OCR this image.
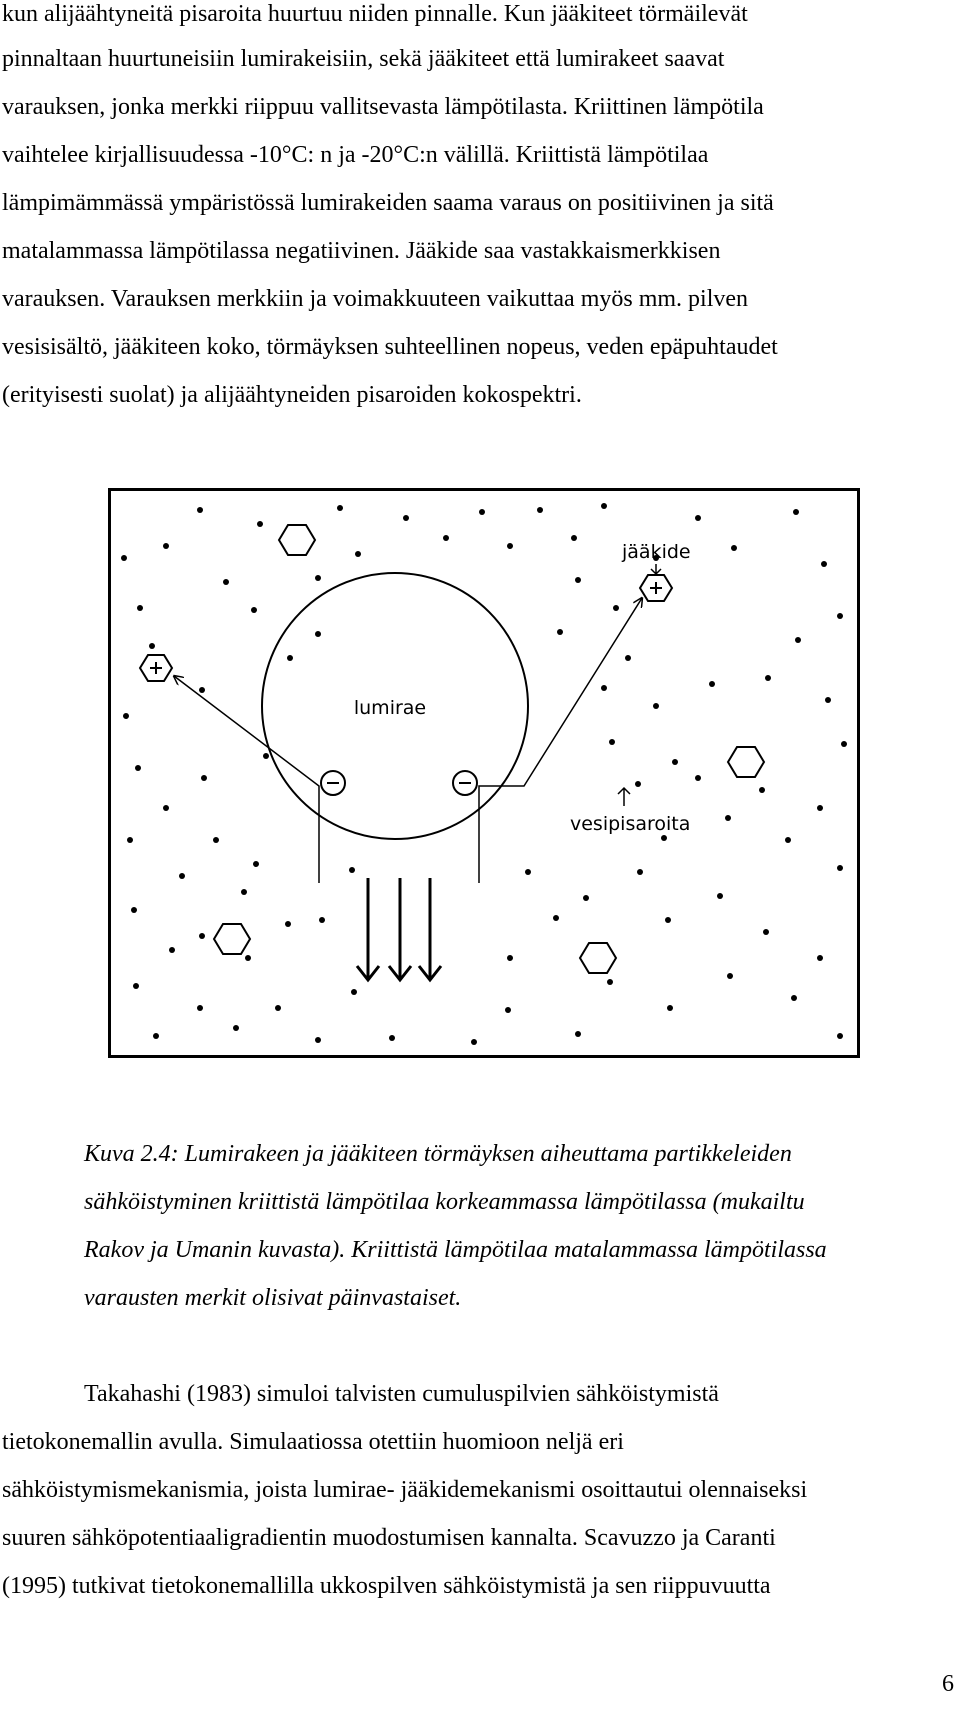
kun alijäähtyneitä pisaroita huurtuu niiden pinnalle. Kun jääkiteet törmäilevät
pinnaltaan huurtuneisiin lumirakeisiin, sekä jääkiteet että lumirakeet saavat
varauksen, jonka merkki riippuu vallitsevasta lämpötilasta. Kriittinen lämpötila
vaihtelee kirjallisuudessa -10°C: n ja -20°C:n välillä. Kriittistä lämpötilaa
lämpimämmässä ympäristössä lumirakeiden saama varaus on positiivinen ja sitä
matalammassa lämpötilassa negatiivinen. Jääkide saa vastakkaismerkkisen
varauksen. Varauksen merkkiin ja voimakkuuteen vaikuttaa myös mm. pilven
vesisisältö, jääkiteen koko, törmäyksen suhteellinen nopeus, veden epäpuhtaudet
(erityisesti suolat) ja alijäähtyneiden pisaroiden kokospektri.
lumirae
jääkide
vesipisaroita
Kuva 2.4: Lumirakeen ja jääkiteen törmäyksen aiheuttama partikkeleiden
sähköistyminen kriittistä lämpötilaa korkeammassa lämpötilassa (mukailtu
Rakov ja Umanin kuvasta). Kriittistä lämpötilaa matalammassa lämpötilassa
varausten merkit olisivat päinvastaiset.
Takahashi (1983) simuloi talvisten cumuluspilvien sähköistymistä
tietokonemallin avulla. Simulaatiossa otettiin huomioon neljä eri
sähköistymismekanismia, joista lumirae- jääkidemekanismi osoittautui olennaiseksi
suuren sähköpotentiaaligradientin muodostumisen kannalta. Scavuzzo ja Caranti
(1995) tutkivat tietokonemallilla ukkospilven sähköistymistä ja sen riippuvuutta
6
